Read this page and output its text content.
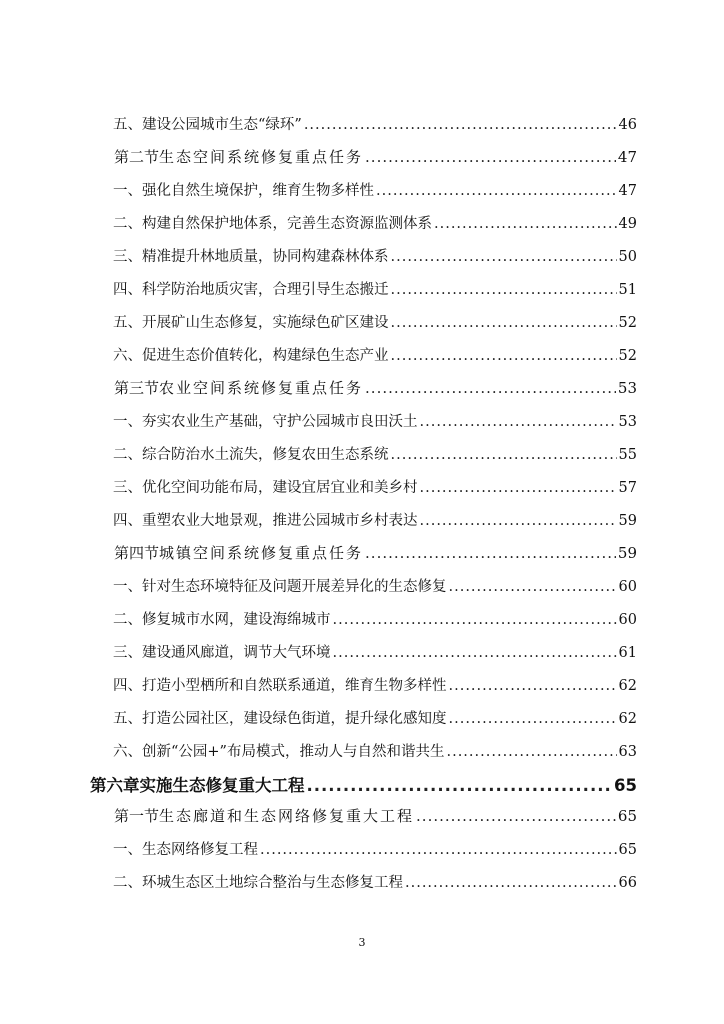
五、 建设公园城市生态“绿环” .....	46
第二节 生态空间系统修复重点任务 .....	47
一、 强化自然生境保护，维育生物多样性 .....	47
二、 构建自然保护地体系，完善生态资源监测体系 .....	49
三、 精准提升林地质量，协同构建森林体系 .....	50
四、 科学防治地质灾害，合理引导生态搬迁 .....	51
五、 开展矿山生态修复，实施绿色矿区建设 .....	52
六、 促进生态价值转化，构建绿色生态产业 .....	52
第三节 农业空间系统修复重点任务 .....	53
一、 夯实农业生产基础，守护公园城市良田沃土 .....	53
二、 综合防治水土流失，修复农田生态系统 .....	55
三、 优化空间功能布局，建设宜居宜业和美乡村 .....	57
四、 重塑农业大地景观，推进公园城市乡村表达 .....	59
第四节 城镇空间系统修复重点任务 .....	59
一、 针对生态环境特征及问题开展差异化的生态修复 .....	60
二、 修复城市水网，建设海绵城市 .....	60
三、 建设通风廊道，调节大气环境 .....	61
四、 打造小型栖所和自然联系通道，维育生物多样性 .....	62
五、 打造公园社区，建设绿色街道，提升绿化感知度 .....	62
六、 创新“公园+”布局模式，推动人与自然和谐共生 .....	63
第六章 实施生态修复重大工程 .....	65
第一节 生态廊道和生态网络修复重大工程 .....	65
一、 生态网络修复工程 .....	65
二、 环城生态区土地综合整治与生态修复工程 .....	66
3
